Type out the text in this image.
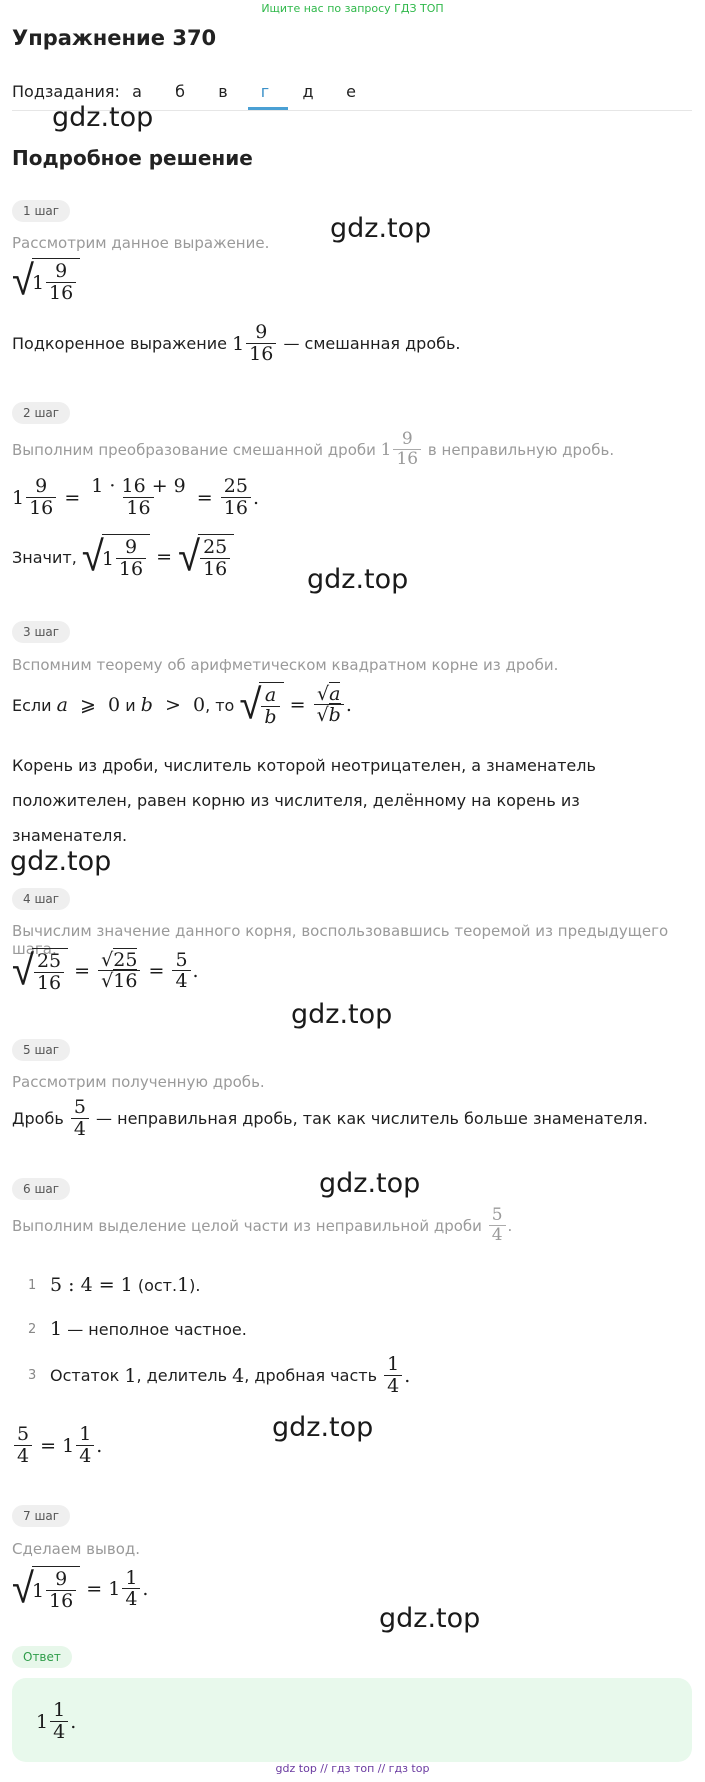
Ищите нас по запросу ГДЗ ТОП
Упражнение 370
Подзадания: а	б	в	г	д	е
gdz.top
gdz.top
gdz.top
gdz.top
gdz.top
gdz.top
gdz.top
gdz.top
Подробное решение
1 шаг
Рассмотрим данное выражение.
√
$1 \frac{9}{16}$
Подкоренное выражение
$1 \frac{9}{16}$
— смешанная дробь.
2 шаг
Выполним преобразование смешанной дроби
$1 \frac{9}{16}$
в неправильную дробь.
$1 \frac{9}{16} = \frac{1 \cdot 16 + 9}{16} = \frac{25}{16}$ .
Значит,
√
$1 \frac{9}{16}$ = √ $\frac{25}{16}$
3 шаг
Вспомним теорему об арифметическом квадратном корне из дроби.
Если
a ⩾  0
и
b >  0 , то
√ $\frac{a}{b} = \frac{√a}{√b}$ .
Корень из дроби, числитель которой неотрицателен, а знаменатель
положителен, равен корню из числителя, делённому на корень из
знаменателя.
4 шаг
Вычислим значение данного корня, воспользовавшись теоремой из предыдущего шага.
√ $\frac{25}{16} = \frac{√25}{√16} = \frac{5}{4}$ .
5 шаг
Рассмотрим полученную дробь.
Дробь
$\frac{5}{4}$
— неправильная дробь, так как числитель больше знаменателя.
6 шаг
Выполним выделение целой части из неправильной дроби
$\frac{5}{4}$ .
1 5 : 4 = 1
(ост. 1 ).
2 1
— неполное частное.
3 Остаток
1 , делитель
4 , дробная часть
$\frac{1}{4}$ .
$\frac{5}{4} = 1 \frac{1}{4}$ .
7 шаг
Сделаем вывод.
√
$1 \frac{9}{16} = 1 \frac{1}{4}$ .
Ответ
$1 \frac{1}{4}$ .
gdz top // гдз топ // гдз top
